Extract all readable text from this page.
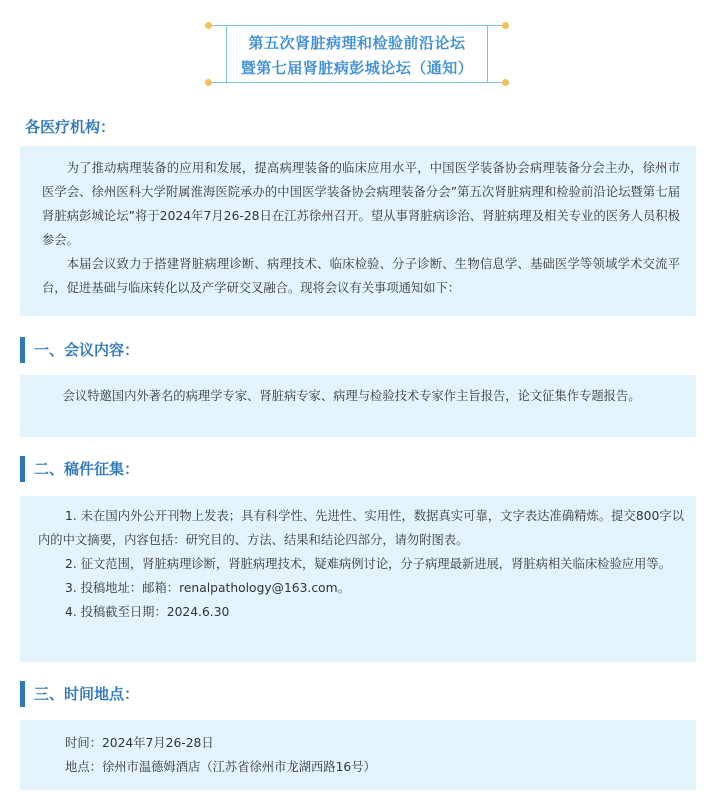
第五次肾脏病理和检验前沿论坛
暨第七届肾脏病彭城论坛（通知）
各医疗机构：

为了推动病理装备的应用和发展，提高病理装备的临床应用水平，中国医学装备协会病理装备分会主办，徐州市医学会、徐州医科大学附属淮海医院承办的中国医学装备协会病理装备分会”第五次肾脏病理和检验前沿论坛暨第七届肾脏病彭城论坛”将于2024年7月26-28日在江苏徐州召开。望从事肾脏病诊治、肾脏病理及相关专业的医务人员积极参会。

本届会议致力于搭建肾脏病理诊断、病理技术、临床检验、分子诊断、生物信息学、基础医学等领域学术交流平台，促进基础与临床转化以及产学研交叉融合。现将会议有关事项通知如下：

一、会议内容：

会议特邀国内外著名的病理学专家、肾脏病专家、病理与检验技术专家作主旨报告，论文征集作专题报告。

二、稿件征集：

1. 未在国内外公开刊物上发表；具有科学性、先进性、实用性，数据真实可靠，文字表达准确精炼。提交800字以内的中文摘要，内容包括：研究目的、方法、结果和结论四部分，请勿附图表。

2. 征文范围，肾脏病理诊断，肾脏病理技术，疑难病例讨论，分子病理最新进展，肾脏病相关临床检验应用等。

3. 投稿地址：邮箱：renalpathology@163.com。

4. 投稿截至日期：2024.6.30

三、时间地点：

时间：2024年7月26-28日

地点：徐州市温德姆酒店（江苏省徐州市龙湖西路16号）
